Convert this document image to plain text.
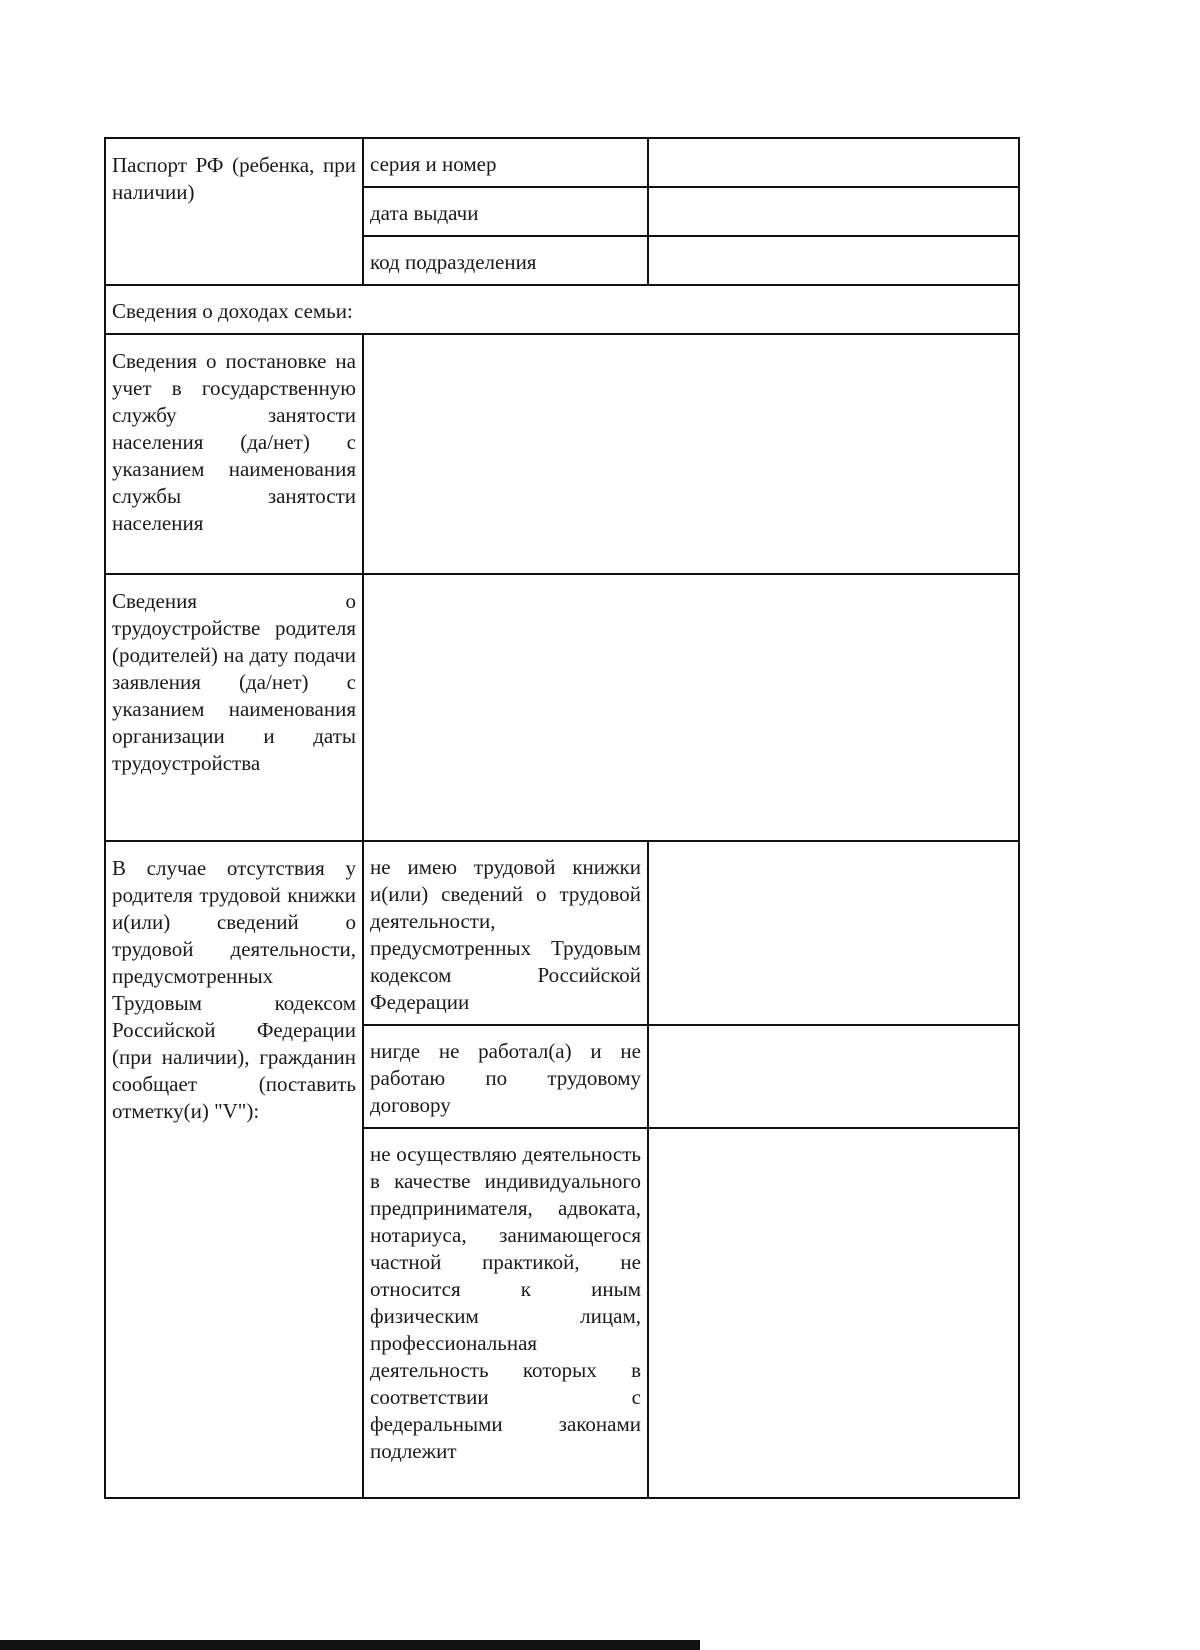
Паспорт РФ (ребенка, при наличии)	серия и номер	
	дата выдачи	
	код подразделения	
Сведения о доходах семьи:		
Сведения о постановке на учет в государственную службу занятости населения (да/нет) с указанием наименования службы занятости населения		
Сведения о трудоустройстве родителя (родителей) на дату подачи заявления (да/нет) с указанием наименования организации и даты трудоустройства		
В случае отсутствия у родителя трудовой книжки и(или) сведений о трудовой деятельности, предусмотренных Трудовым кодексом Российской Федерации (при наличии), гражданин сообщает (поставить отметку(и) "V"):	не имею трудовой книжки и(или) сведений о трудовой деятельности, предусмотренных Трудовым кодексом Российской Федерации	
	нигде не работал(а) и не работаю по трудовому договору	
	не осуществляю деятельность в качестве индивидуального предпринимателя, адвоката, нотариуса, занимающегося частной практикой, не относится к иным физическим лицам, профессиональная деятельность которых в соответствии с федеральными законами подлежит	
